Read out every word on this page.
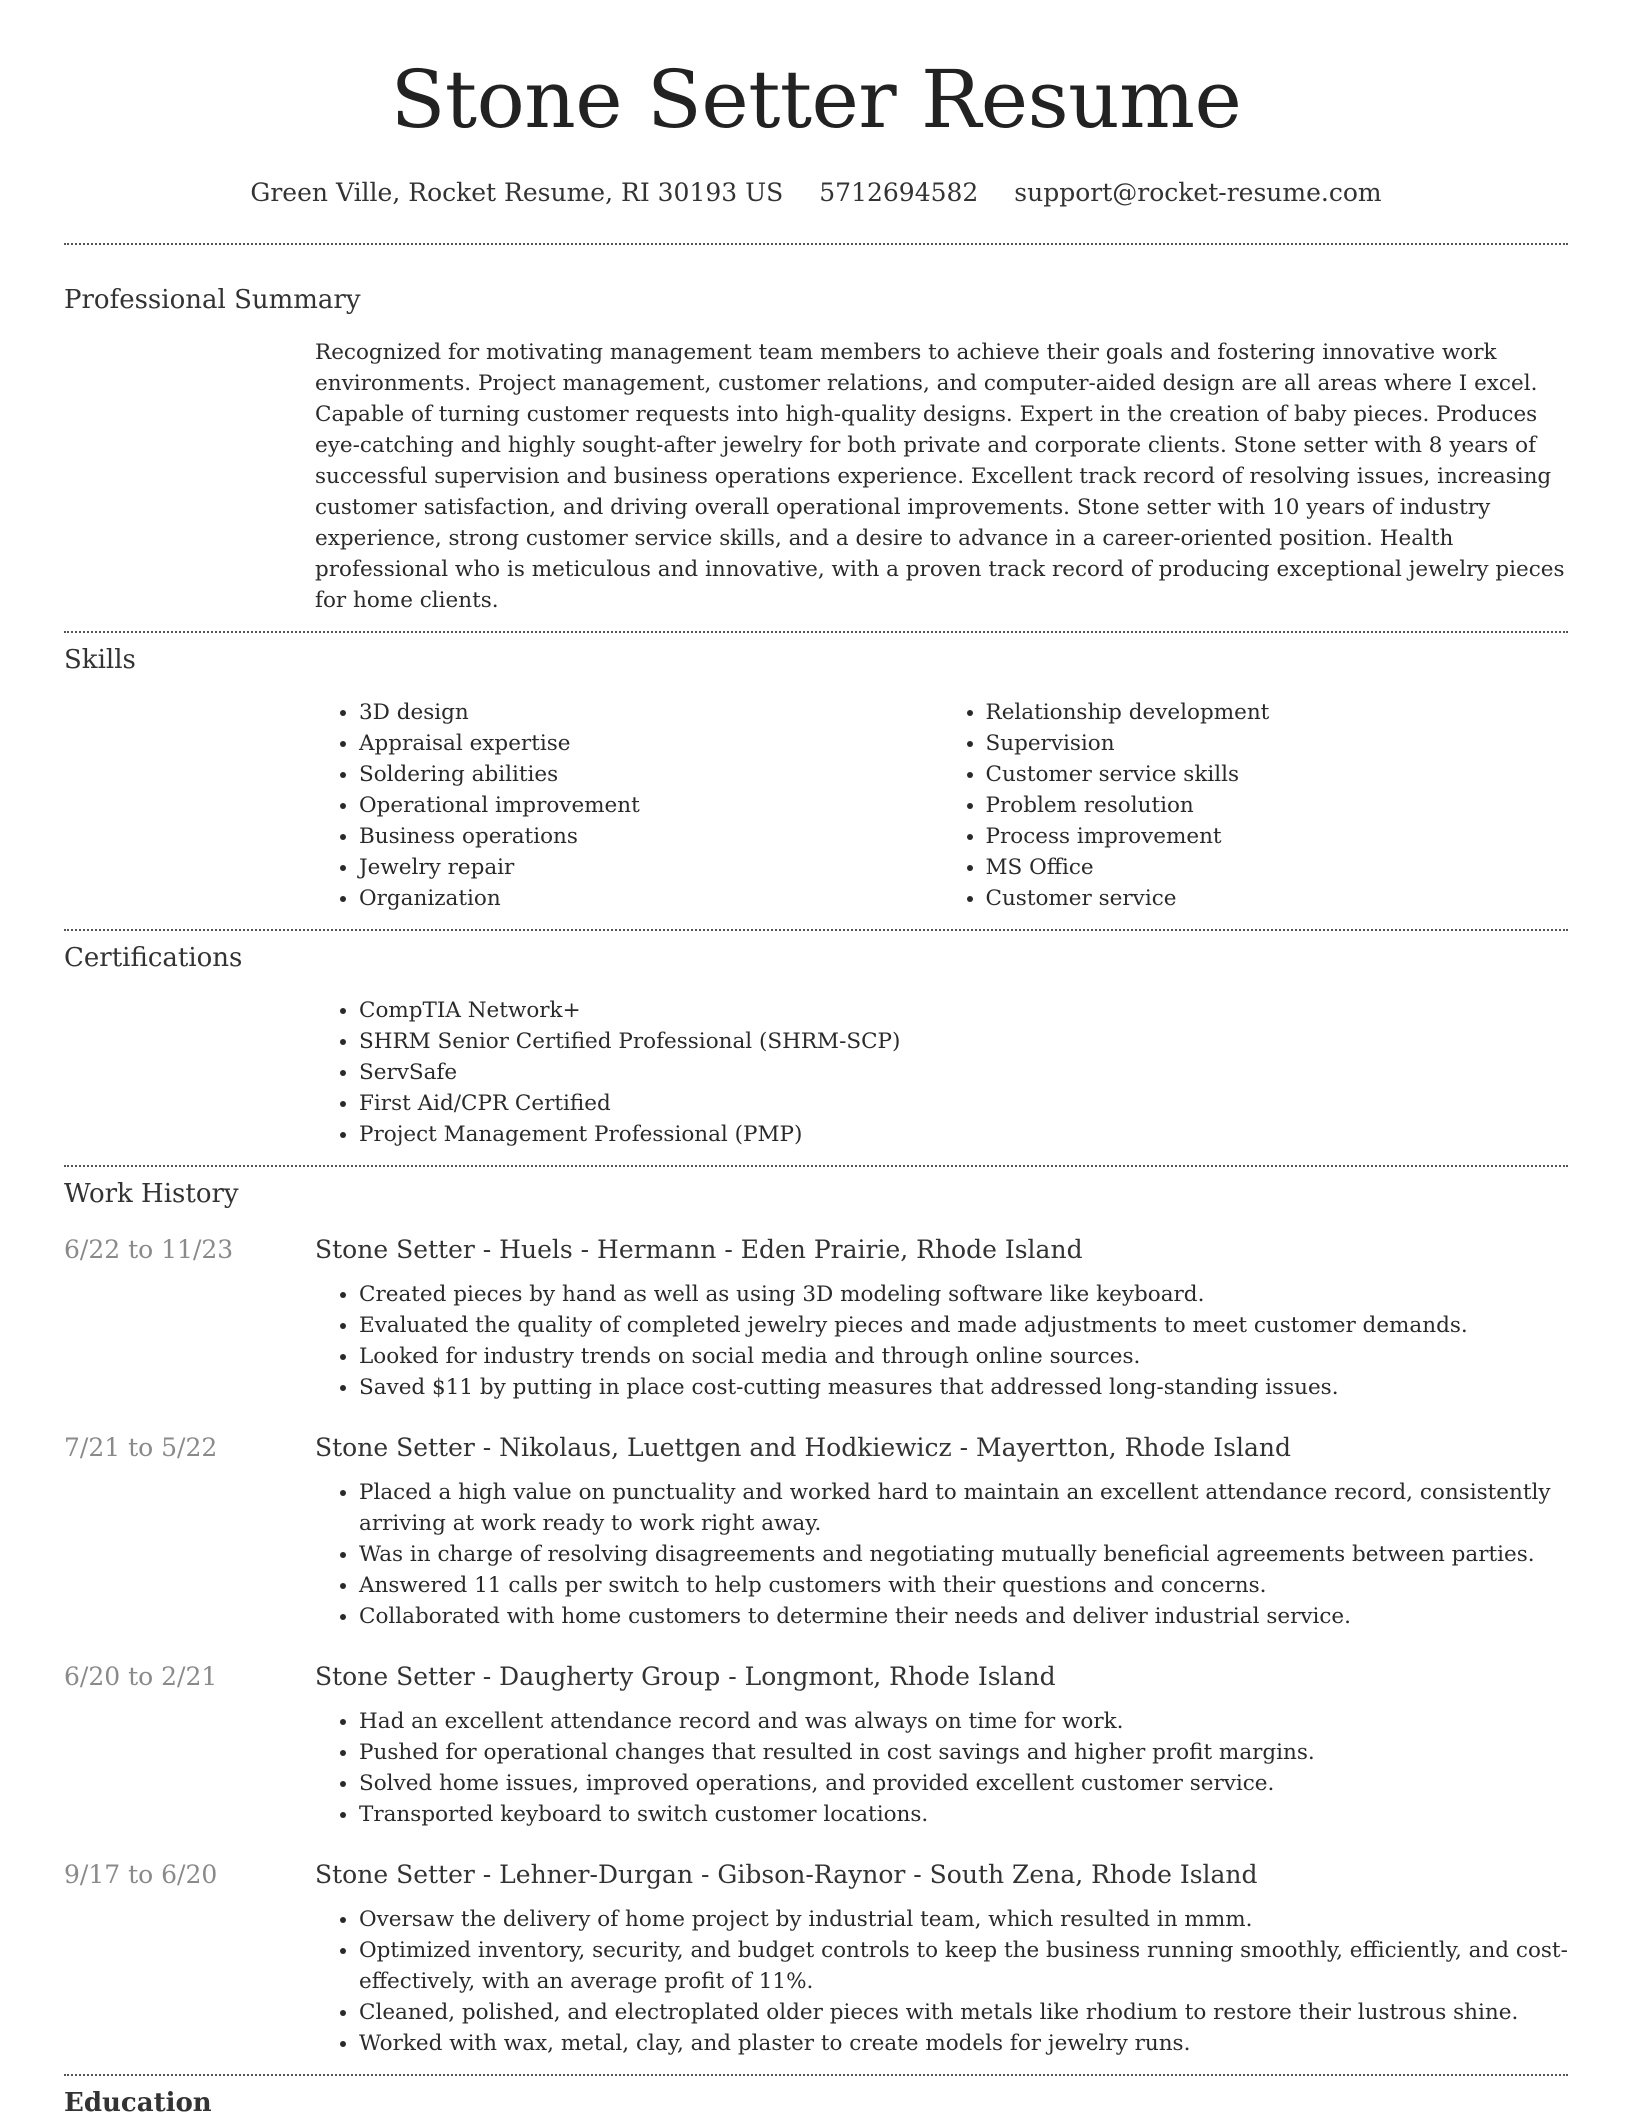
Stone Setter Resume
Green Ville, Rocket Resume, RI 30193 US 5712694582 support@rocket-resume.com
Professional Summary

Recognized for motivating management team members to achieve their goals and fostering innovative work environments. Project management, customer relations, and computer-aided design are all areas where I excel. Capable of turning customer requests into high-quality designs. Expert in the creation of baby pieces. Produces eye-catching and highly sought-after jewelry for both private and corporate clients. Stone setter with 8 years of successful supervision and business operations experience. Excellent track record of resolving issues, increasing customer satisfaction, and driving overall operational improvements. Stone setter with 10 years of industry experience, strong customer service skills, and a desire to advance in a career-oriented position. Health professional who is meticulous and innovative, with a proven track record of producing exceptional jewelry pieces for home clients.

Skills
• 3D design
• Appraisal expertise
• Soldering abilities
• Operational improvement
• Business operations
• Jewelry repair
• Organization
• Relationship development
• Supervision
• Customer service skills
• Problem resolution
• Process improvement
• MS Office
• Customer service
Certifications
• CompTIA Network+
• SHRM Senior Certified Professional (SHRM-SCP)
• ServSafe
• First Aid/CPR Certified
• Project Management Professional (PMP)
Work History
6/22 to 11/23	Stone Setter - Huels - Hermann - Eden Prairie, Rhode Island
• Created pieces by hand as well as using 3D modeling software like keyboard.
• Evaluated the quality of completed jewelry pieces and made adjustments to meet customer demands.
• Looked for industry trends on social media and through online sources.
• Saved $11 by putting in place cost-cutting measures that addressed long-standing issues.
7/21 to 5/22	Stone Setter - Nikolaus, Luettgen and Hodkiewicz - Mayertton, Rhode Island
• Placed a high value on punctuality and worked hard to maintain an excellent attendance record, consistently arriving at work ready to work right away.
• Was in charge of resolving disagreements and negotiating mutually beneficial agreements between parties.
• Answered 11 calls per switch to help customers with their questions and concerns.
• Collaborated with home customers to determine their needs and deliver industrial service.
6/20 to 2/21	Stone Setter - Daugherty Group - Longmont, Rhode Island
• Had an excellent attendance record and was always on time for work.
• Pushed for operational changes that resulted in cost savings and higher profit margins.
• Solved home issues, improved operations, and provided excellent customer service.
• Transported keyboard to switch customer locations.
9/17 to 6/20	Stone Setter - Lehner-Durgan - Gibson-Raynor - South Zena, Rhode Island
• Oversaw the delivery of home project by industrial team, which resulted in mmm.
• Optimized inventory, security, and budget controls to keep the business running smoothly, efficiently, and cost-effectively, with an average profit of 11%.
• Cleaned, polished, and electroplated older pieces with metals like rhodium to restore their lustrous shine.
• Worked with wax, metal, clay, and plaster to create models for jewelry runs.
Education
